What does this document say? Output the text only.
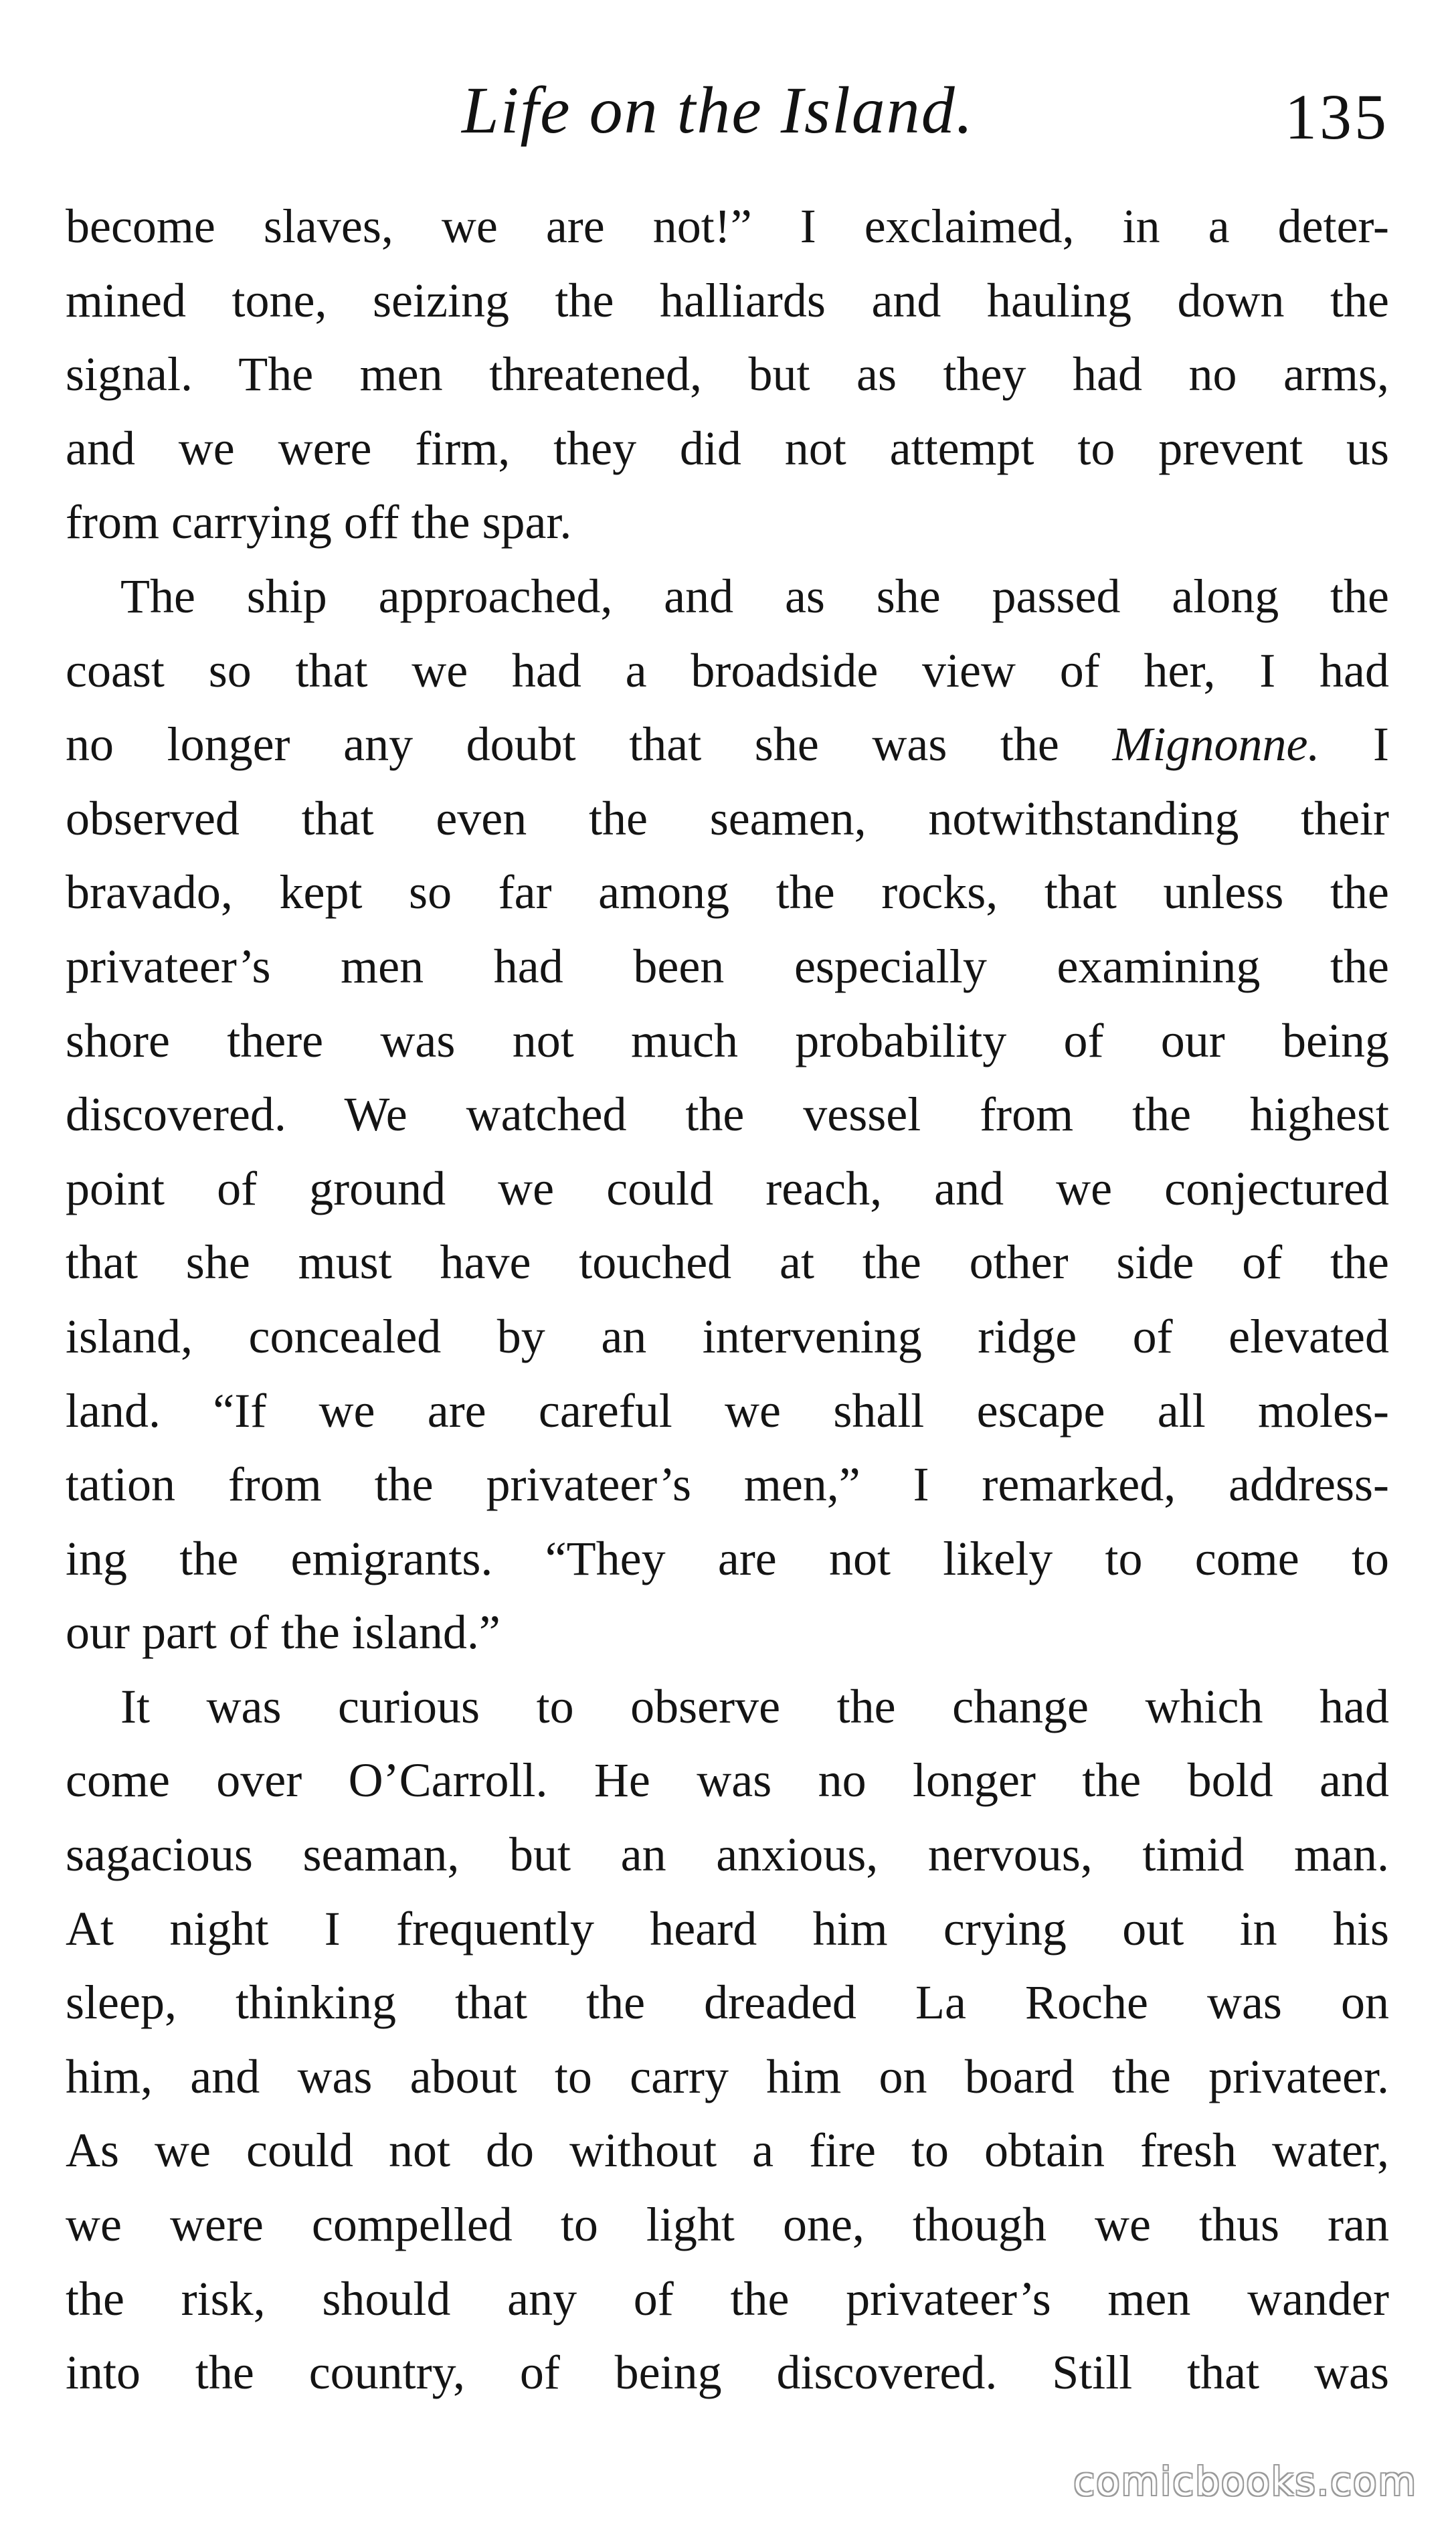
Life on the Island.	135

become slaves, we are not!” I exclaimed, in a deter-
mined tone, seizing the halliards and hauling down the
signal. The men threatened, but as they had no arms,
and we were firm, they did not attempt to prevent us
from carrying off the spar.

The ship approached, and as she passed along the
coast so that we had a broadside view of her, I had
no longer any doubt that she was the Mignonne. I
observed that even the seamen, notwithstanding their
bravado, kept so far among the rocks, that unless the
privateer’s men had been especially examining the
shore there was not much probability of our being
discovered. We watched the vessel from the highest
point of ground we could reach, and we conjectured
that she must have touched at the other side of the
island, concealed by an intervening ridge of elevated
land. “If we are careful we shall escape all moles-
tation from the privateer’s men,” I remarked, address-
ing the emigrants. “They are not likely to come to
our part of the island.”

It was curious to observe the change which had
come over O’Carroll. He was no longer the bold and
sagacious seaman, but an anxious, nervous, timid man.
At night I frequently heard him crying out in his
sleep, thinking that the dreaded La Roche was on
him, and was about to carry him on board the privateer.
As we could not do without a fire to obtain fresh water,
we were compelled to light one, though we thus ran
the risk, should any of the privateer’s men wander
into the country, of being discovered. Still that was

comicbooks.com
